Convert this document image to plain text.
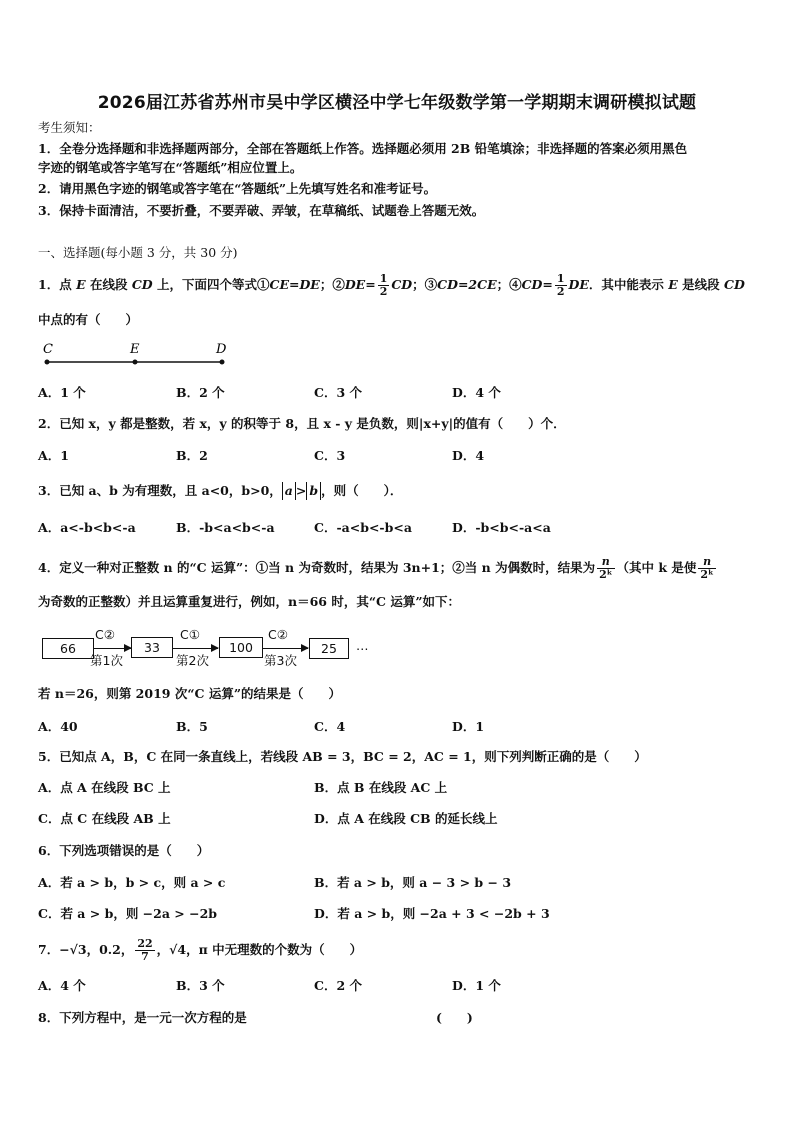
2026届江苏省苏州市吴中学区横泾中学七年级数学第一学期期末调研模拟试题
考生须知：
1．全卷分选择题和非选择题两部分，全部在答题纸上作答。选择题必须用 2B 铅笔填涂；非选择题的答案必须用黑色
字迹的钢笔或答字笔写在“答题纸”相应位置上。
2．请用黑色字迹的钢笔或答字笔在“答题纸”上先填写姓名和准考证号。
3．保持卡面清洁，不要折叠，不要弄破、弄皱，在草稿纸、试题卷上答题无效。
一、选择题(每小题 3 分，共 30 分)
1．点 E 在线段 CD 上，下面四个等式①CE=DE；②DE= $\frac{1}{2}$ CD；③CD=2CE；④CD= $\frac{1}{2}$ DE．其中能表示 E 是线段 CD
中点的有（　　）
C	E	D
A．1 个	B．2 个	C．3 个	D．4 个
2．已知 x，y 都是整数，若 x，y 的积等于 8，且 x - y 是负数，则|x+y|的值有（　　）个．
A．1	B．2	C．3	D．4
3．已知 a、b 为有理数，且 a<0，b>0， a > b ，则（　　）．
A．a<-b<b<-a	B．-b<a<b<-a	C．-a<b<-b<a	D．-b<b<-a<a
4．定义一种对正整数 n 的“C 运算”：①当 n 为奇数时，结果为 3n+1；②当 n 为偶数时，结果为 $\frac{n}{\text{2ᵏ}}$ （其中 k 是使 $\frac{n}{\text{2ᵏ}}$
为奇数的正整数）并且运算重复进行，例如，n＝66 时，其“C 运算”如下：
66
C②
第1次
33
C①
第2次
100
C②
第3次
25	…
若 n＝26，则第 2019 次“C 运算”的结果是（　　）
A．40	B．5	C．4	D．1
5．已知点 A，B，C 在同一条直线上，若线段 AB = 3，BC = 2，AC = 1，则下列判断正确的是（　　）
A．点 A 在线段 BC 上	B．点 B 在线段 AC 上
C．点 C 在线段 AB 上	D．点 A 在线段 CB 的延长线上
6．下列选项错误的是（　　）
A．若 a > b，b > c，则 a > c	B．若 a > b，则 a − 3 > b − 3
C．若 a > b，则 −2a > −2b	D．若 a > b，则 −2a + 3 < −2b + 3
7．−√3，0.2， $\frac{22}{7}$ ，√4，π 中无理数的个数为（　　）
A．4 个	B．3 个	C．2 个	D．1 个
8．下列方程中，是一元一次方程的是	(　　)
